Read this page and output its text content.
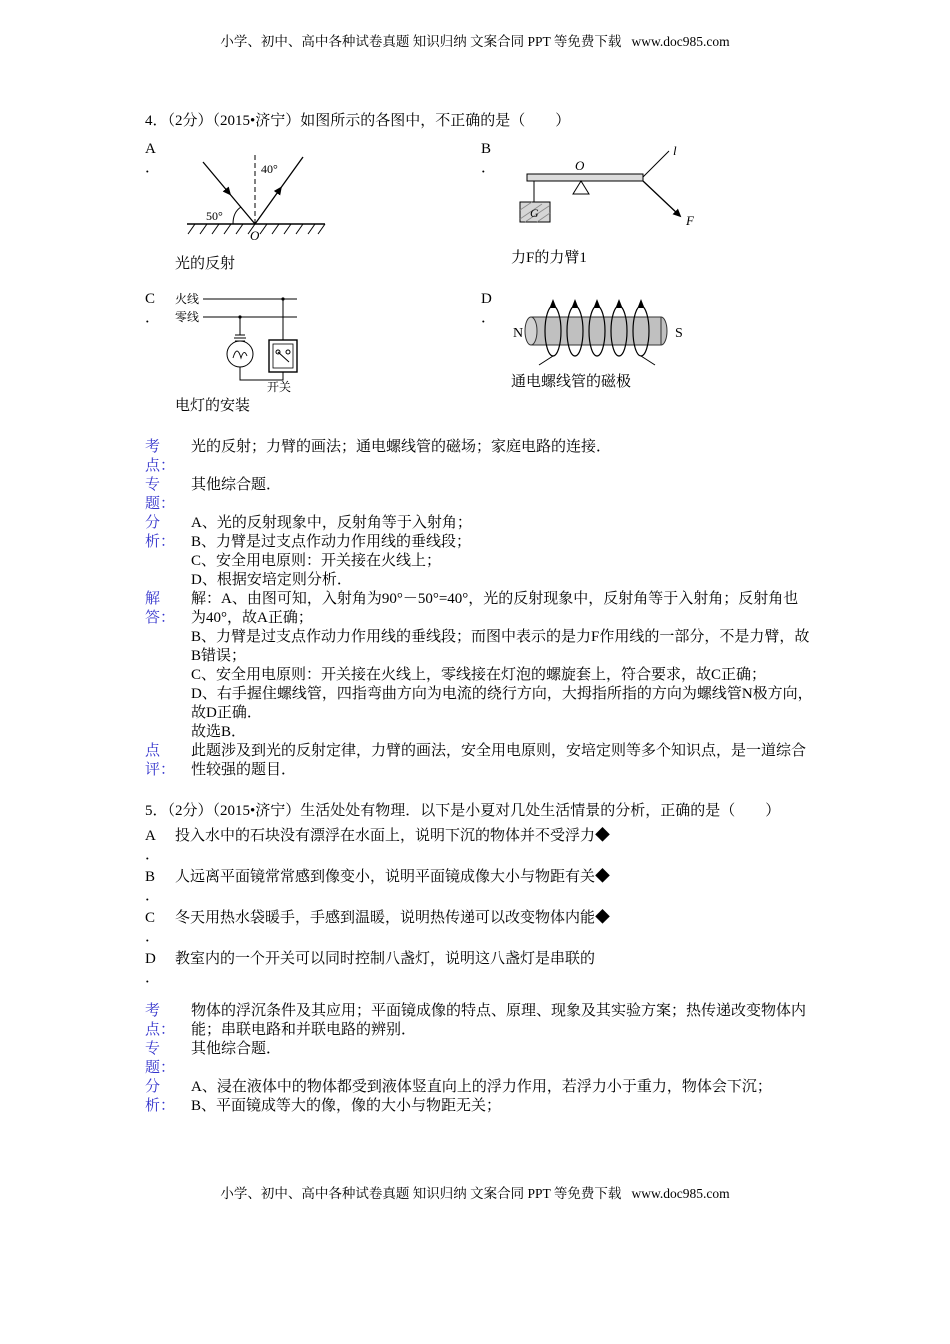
小学、初中、高中各种试卷真题 知识归纳 文案合同 PPT 等免费下载   www.doc985.com
4．（2分）（2015•济宁）如图所示的各图中，不正确的是（　　）
A
．	40°
50°
O
光的反射
B
．	O
l
F
G
力F的力臂1
C
．
火线
零线
开关
电灯的安装
D
．
N	S
通电螺线管的磁极
考
点：

光的反射；力臂的画法；通电螺线管的磁场；家庭电路的连接．

专
题：

其他综合题．

分
析：

A、光的反射现象中，反射角等于入射角；

B、力臂是过支点作动力作用线的垂线段；

C、安全用电原则：开关接在火线上；

D、根据安培定则分析．

解
答：

解：A、由图可知，入射角为90°－50°=40°，光的反射现象中，反射角等于入射角；反射角也为40°，故A正确；

B、力臂是过支点作动力作用线的垂线段；而图中表示的是力F作用线的一部分，不是力臂，故B错误；

C、安全用电原则：开关接在火线上，零线接在灯泡的螺旋套上，符合要求，故C正确；

D、右手握住螺线管，四指弯曲方向为电流的绕行方向，大拇指所指的方向为螺线管N极方向，故D正确．

故选B．

点
评：

此题涉及到光的反射定律，力臂的画法，安全用电原则，安培定则等多个知识点，是一道综合性较强的题目．

5．（2分）（2015•济宁）生活处处有物理．以下是小夏对几处生活情景的分析，正确的是（　　）
A
．
投入水中的石块没有漂浮在水面上，说明下沉的物体并不受浮力◆
B
．
人远离平面镜常常感到像变小，说明平面镜成像大小与物距有关◆
C
．
冬天用热水袋暖手，手感到温暖，说明热传递可以改变物体内能◆
D
．
教室内的一个开关可以同时控制八盏灯，说明这八盏灯是串联的
考
点：

物体的浮沉条件及其应用；平面镜成像的特点、原理、现象及其实验方案；热传递改变物体内能；串联电路和并联电路的辨别．

专
题：

其他综合题．

分
析：

A、浸在液体中的物体都受到液体竖直向上的浮力作用，若浮力小于重力，物体会下沉；

B、平面镜成等大的像，像的大小与物距无关；

小学、初中、高中各种试卷真题 知识归纳 文案合同 PPT 等免费下载   www.doc985.com
